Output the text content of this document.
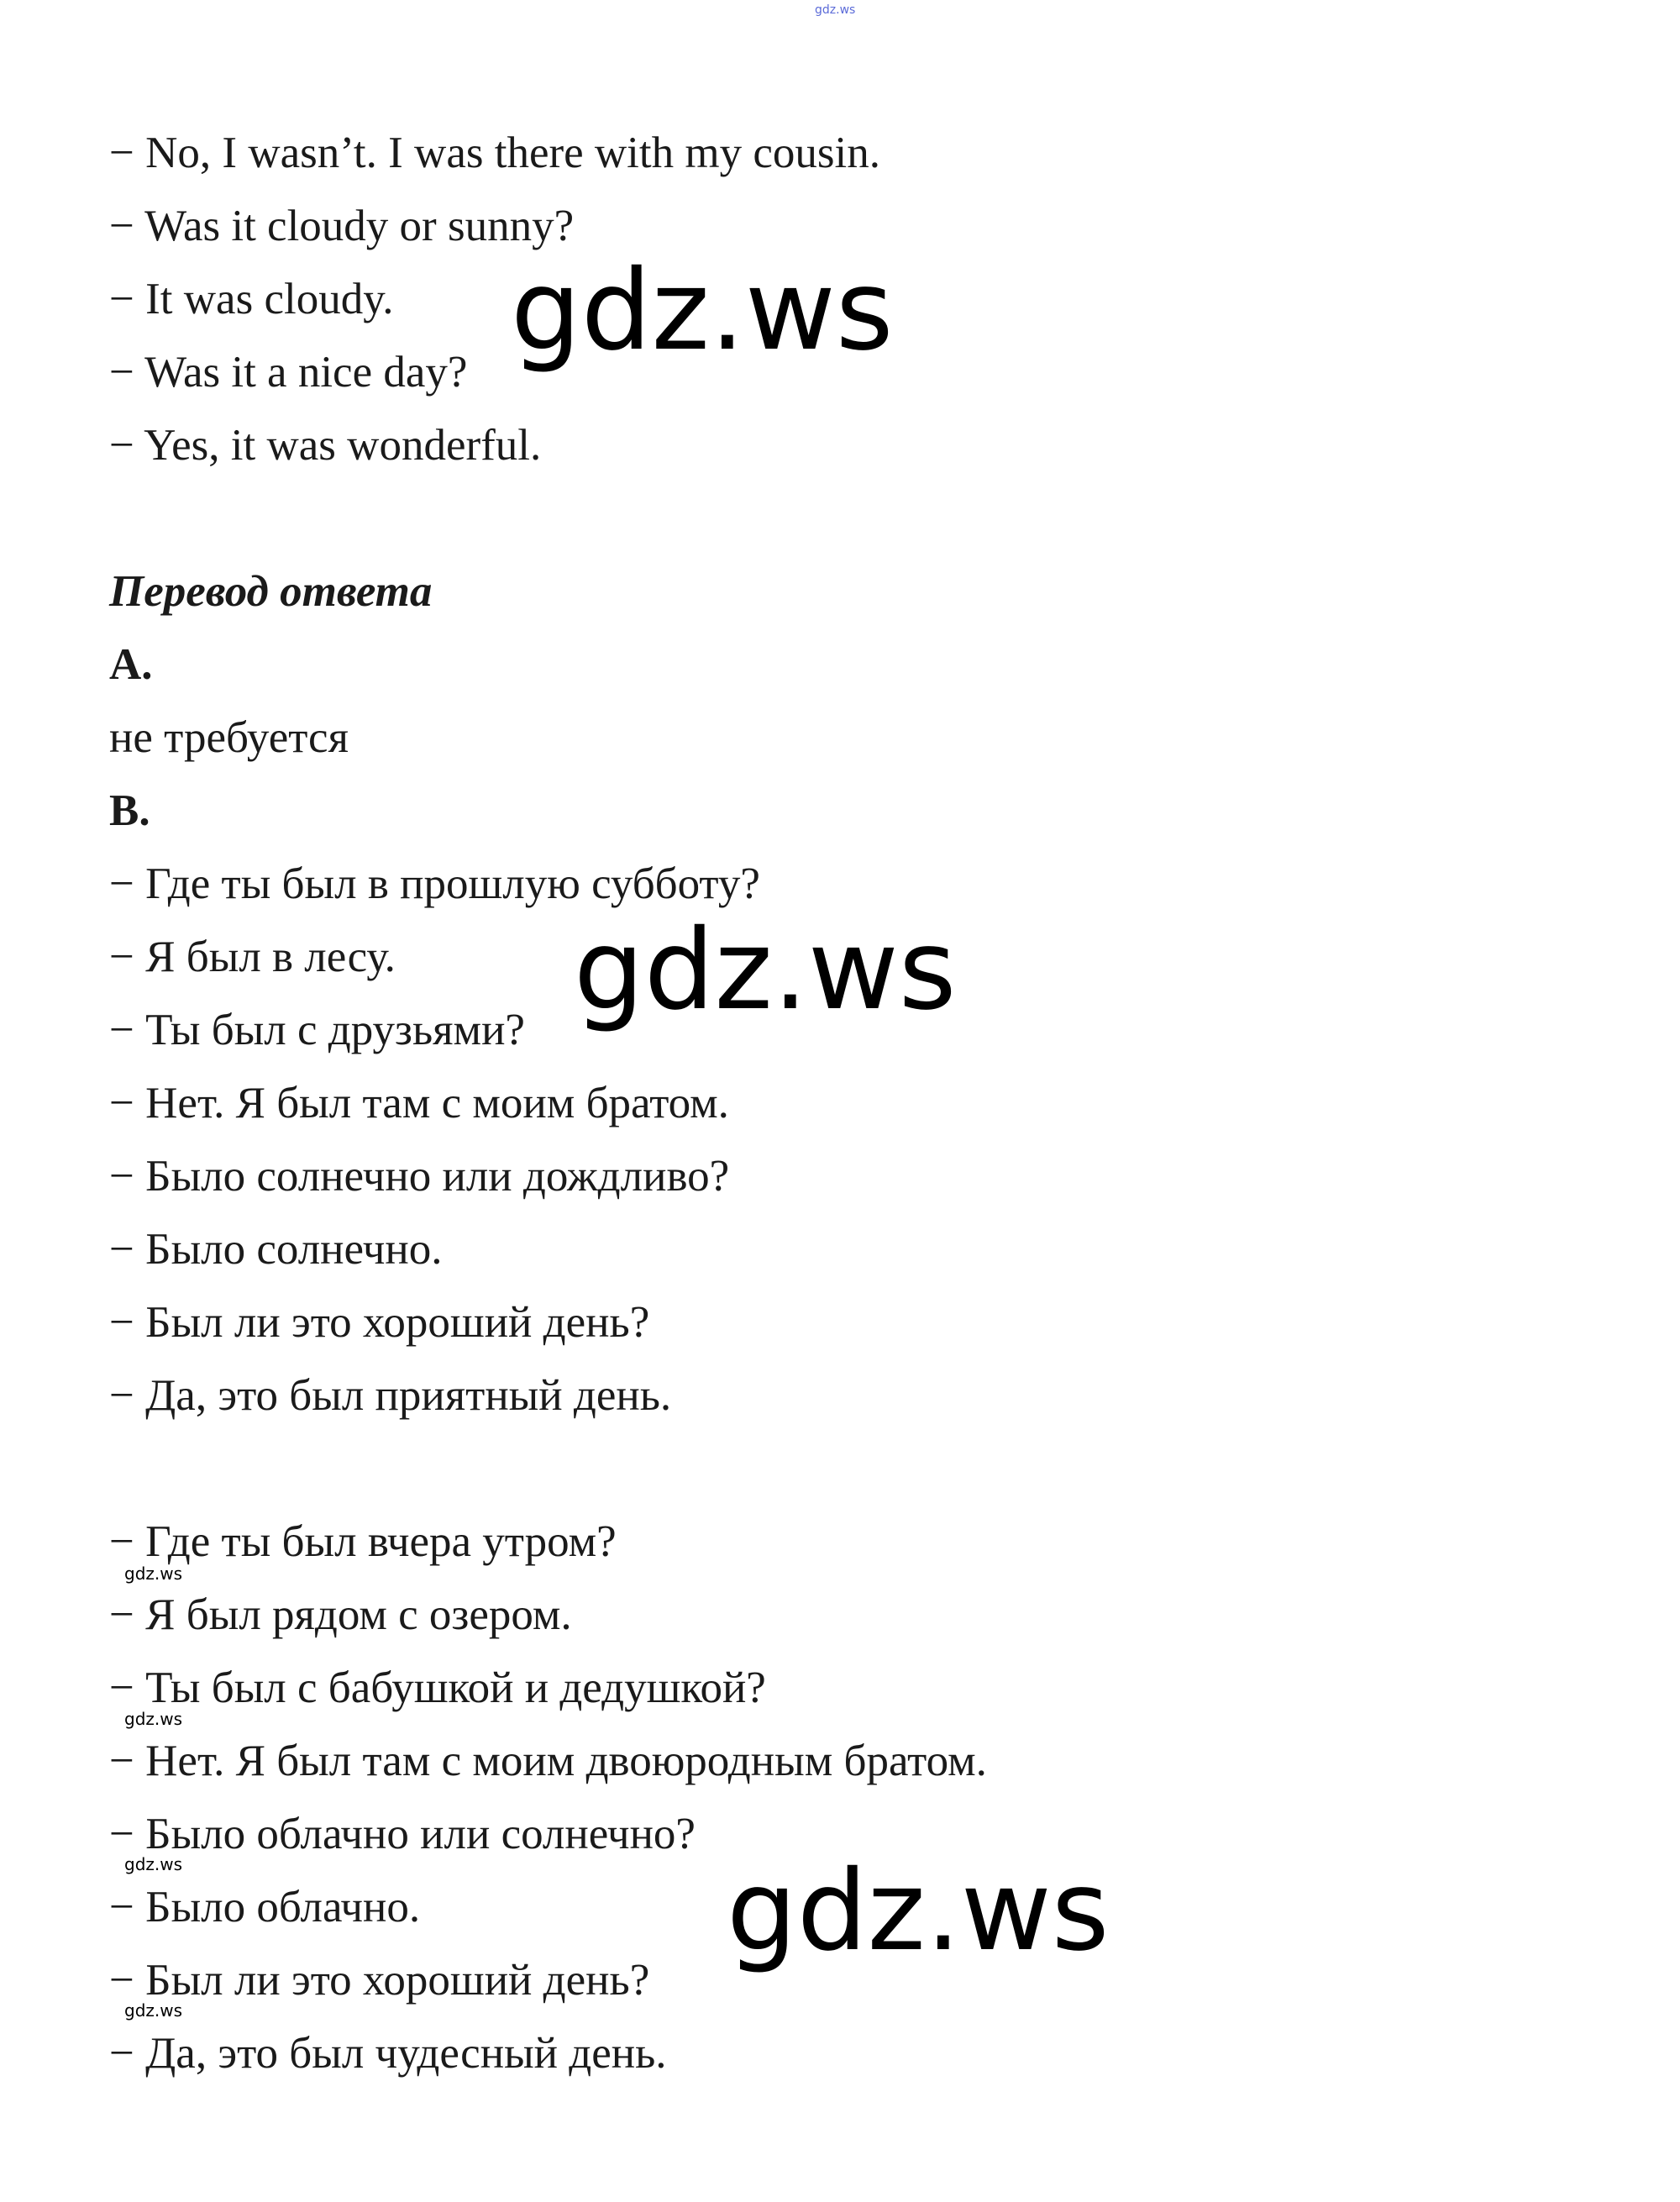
gdz.ws
− No, I wasn’t. I was there with my cousin.
− Was it cloudy or sunny?
− It was cloudy.
− Was it a nice day?
− Yes, it was wonderful.
Перевод ответа
A.
не требуется
B.
− Где ты был в прошлую субботу?
− Я был в лесу.
− Ты был с друзьями?
− Нет. Я был там с моим братом.
− Было солнечно или дождливо?
− Было солнечно.
− Был ли это хороший день?
− Да, это был приятный день.
− Где ты был вчера утром?
− Я был рядом с озером.
− Ты был с бабушкой и дедушкой?
− Нет. Я был там с моим двоюродным братом.
− Было облачно или солнечно?
− Было облачно.
− Был ли это хороший день?
− Да, это был чудесный день.
gdz.ws
gdz.ws
gdz.ws
gdz.ws
gdz.ws
gdz.ws
gdz.ws
